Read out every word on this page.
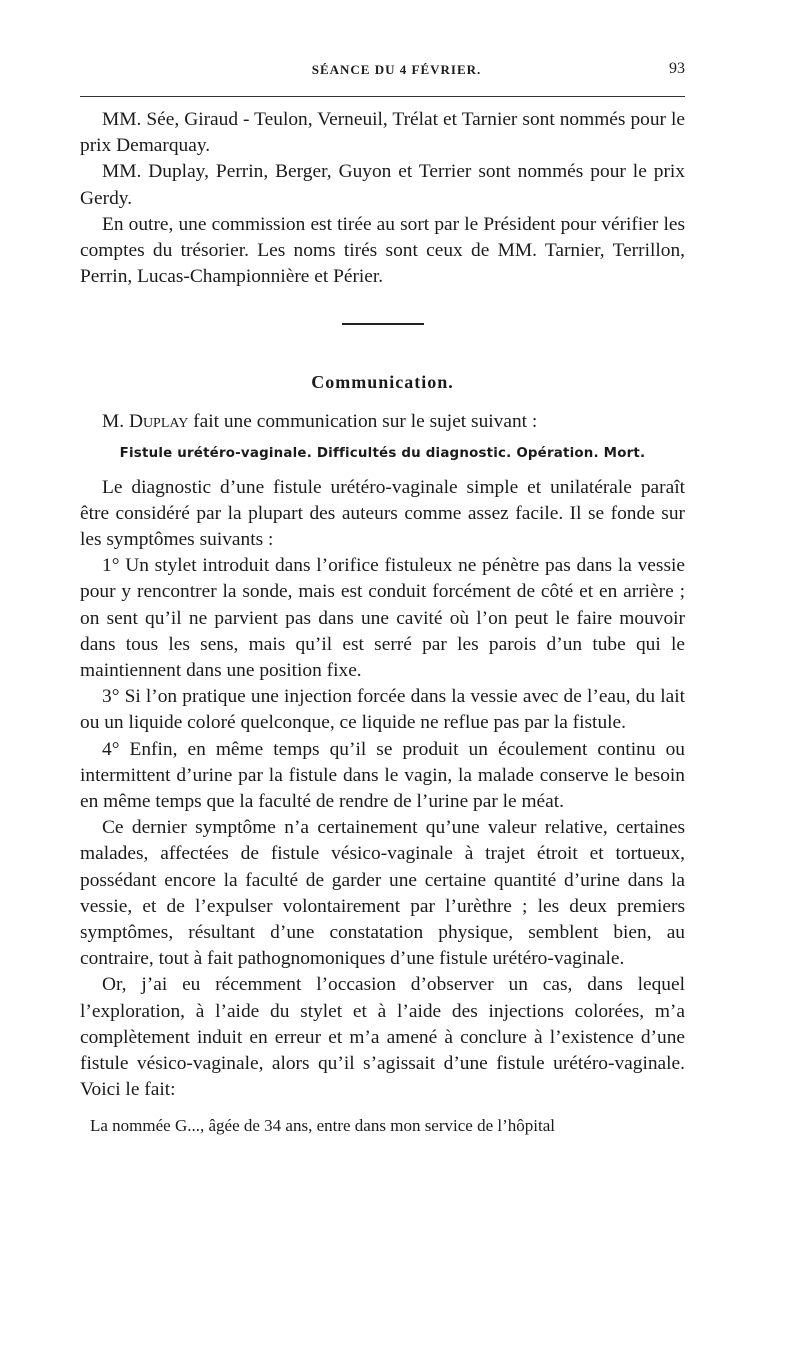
SÉANCE DU 4 FÉVRIER.	93

MM. Sée, Giraud - Teulon, Verneuil, Trélat et Tarnier sont nommés pour le prix Demarquay.

MM. Duplay, Perrin, Berger, Guyon et Terrier sont nommés pour le prix Gerdy.

En outre, une commission est tirée au sort par le Président pour vérifier les comptes du trésorier. Les noms tirés sont ceux de MM. Tarnier, Terrillon, Perrin, Lucas-Championnière et Périer.

Communication.

M. Duplay fait une communication sur le sujet suivant :

Fistule urétéro-vaginale. Difficultés du diagnostic. Opération. Mort.

Le diagnostic d’une fistule urétéro-vaginale simple et unilatérale paraît être considéré par la plupart des auteurs comme assez facile. Il se fonde sur les symptômes suivants :

1° Un stylet introduit dans l’orifice fistuleux ne pénètre pas dans la vessie pour y rencontrer la sonde, mais est conduit forcément de côté et en arrière ; on sent qu’il ne parvient pas dans une cavité où l’on peut le faire mouvoir dans tous les sens, mais qu’il est serré par les parois d’un tube qui le maintiennent dans une position fixe.

3° Si l’on pratique une injection forcée dans la vessie avec de l’eau, du lait ou un liquide coloré quelconque, ce liquide ne reflue pas par la fistule.

4° Enfin, en même temps qu’il se produit un écoulement continu ou intermittent d’urine par la fistule dans le vagin, la malade conserve le besoin en même temps que la faculté de rendre de l’urine par le méat.

Ce dernier symptôme n’a certainement qu’une valeur relative, certaines malades, affectées de fistule vésico-vaginale à trajet étroit et tortueux, possédant encore la faculté de garder une certaine quantité d’urine dans la vessie, et de l’expulser volontairement par l’urèthre ; les deux premiers symptômes, résultant d’une constatation physique, semblent bien, au contraire, tout à fait pathognomoniques d’une fistule urétéro-vaginale.

Or, j’ai eu récemment l’occasion d’observer un cas, dans lequel l’exploration, à l’aide du stylet et à l’aide des injections colorées, m’a complètement induit en erreur et m’a amené à conclure à l’existence d’une fistule vésico-vaginale, alors qu’il s’agissait d’une fistule urétéro-vaginale. Voici le fait:

La nommée G..., âgée de 34 ans, entre dans mon service de l’hôpital
